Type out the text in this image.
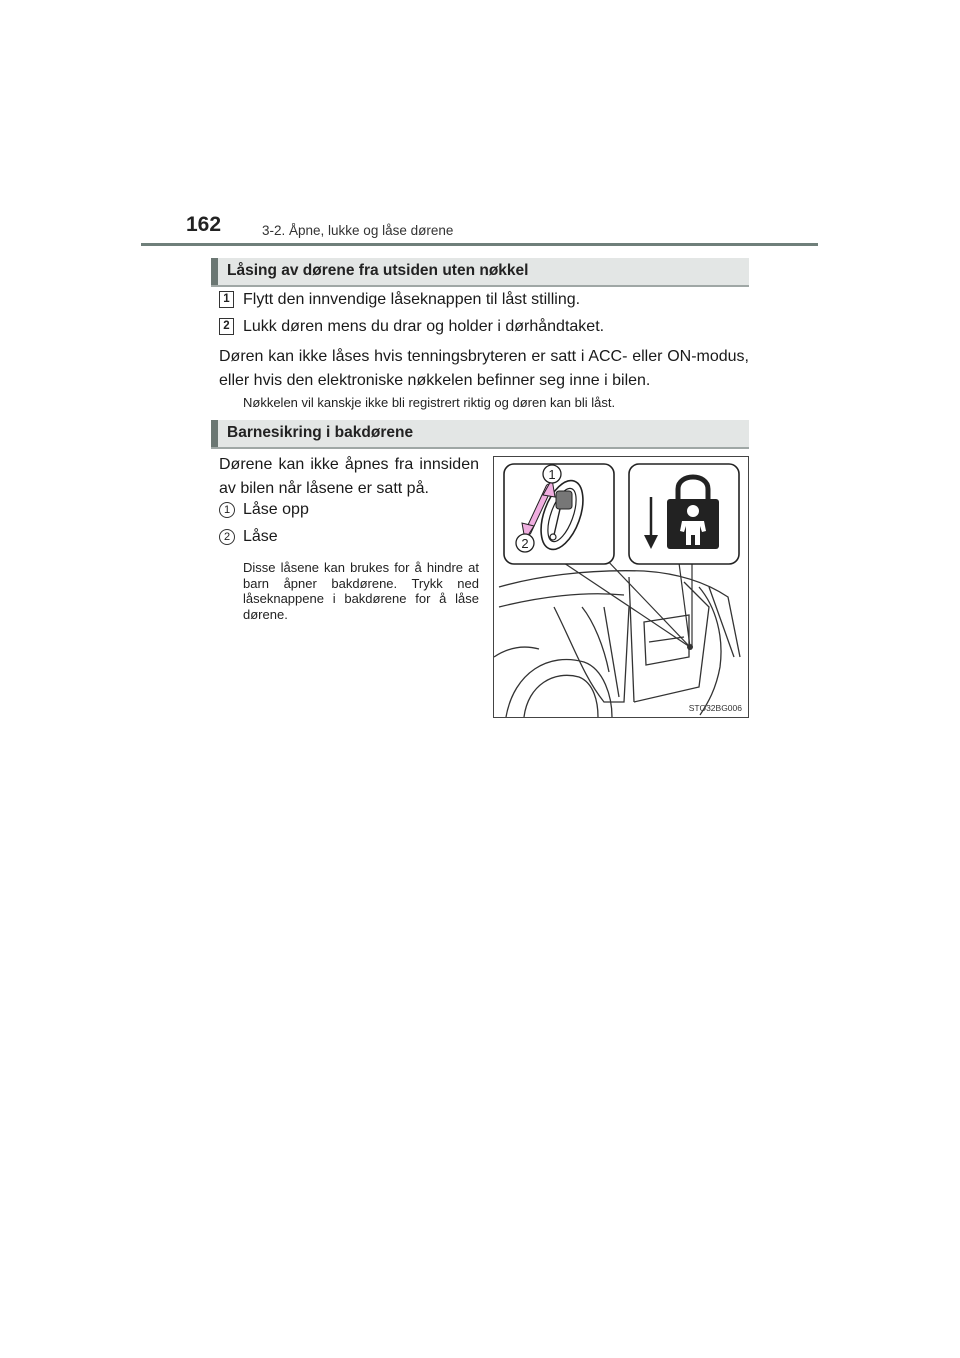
162	3-2. Åpne, lukke og låse dørene
Låsing av dørene fra utsiden uten nøkkel
1 Flytt den innvendige låseknappen til låst stilling.
2 Lukk døren mens du drar og holder i dørhåndtaket.
Døren kan ikke låses hvis tenningsbryteren er satt i ACC- eller ON-modus, eller hvis den elektroniske nøkkelen befinner seg inne i bilen.
Nøkkelen vil kanskje ikke bli registrert riktig og døren kan bli låst.
Barnesikring i bakdørene
Dørene kan ikke åpnes fra innsiden av bilen når låsene er satt på.
1 Låse opp
2 Låse
Disse låsene kan brukes for å hindre at barn åpner bakdørene. Trykk ned låseknappene i bakdørene for å låse dørene.
1
2
STO32BG006
